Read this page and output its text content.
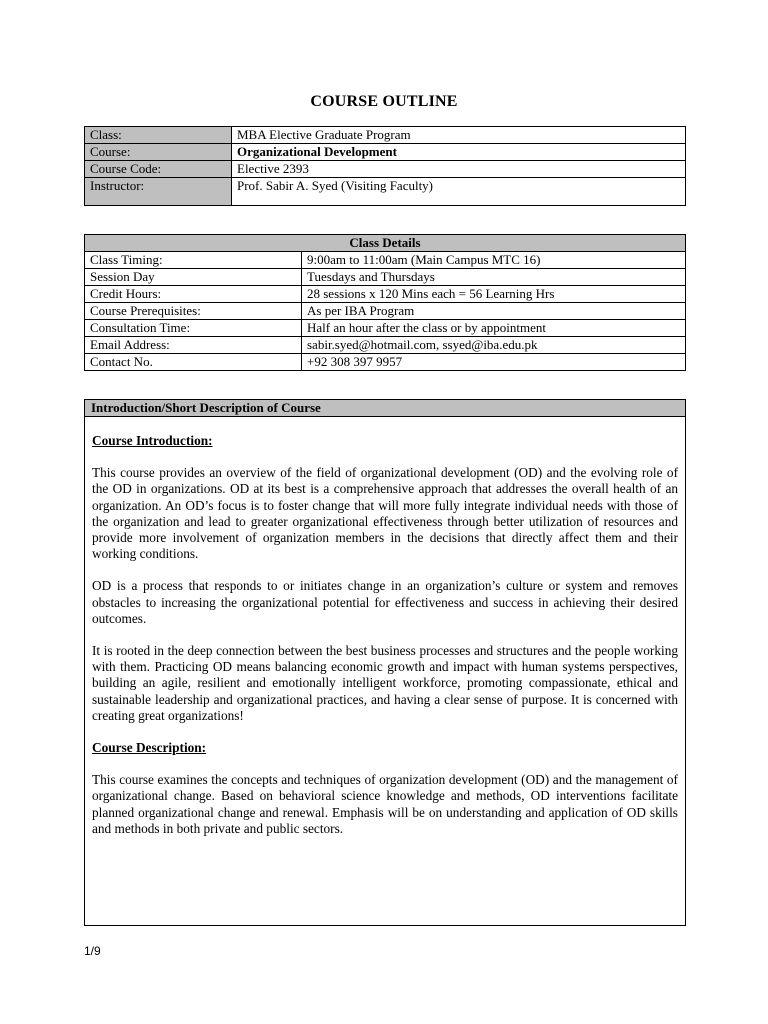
COURSE OUTLINE
Class:	MBA Elective Graduate Program
Course:	Organizational Development
Course Code:	Elective 2393
Instructor:	Prof. Sabir A. Syed (Visiting Faculty)
Class Details	
Class Timing:	9:00am to 11:00am (Main Campus MTC 16)
Session Day	Tuesdays and Thursdays
Credit Hours:	28 sessions x 120 Mins each = 56 Learning Hrs
Course Prerequisites:	As per IBA Program
Consultation Time:	Half an hour after the class or by appointment
Email Address:	sabir.syed@hotmail.com, ssyed@iba.edu.pk
Contact No.	+92 308 397 9957
Introduction/Short Description of Course
Course Introduction:

This course provides an overview of the field of organizational development (OD) and the evolving role of the OD in organizations. OD at its best is a comprehensive approach that addresses the overall health of an organization. An OD’s focus is to foster change that will more fully integrate individual needs with those of the organization and lead to greater organizational effectiveness through better utilization of resources and provide more involvement of organization members in the decisions that directly affect them and their working conditions.

OD is a process that responds to or initiates change in an organization’s culture or system and removes obstacles to increasing the organizational potential for effectiveness and success in achieving their desired outcomes.

It is rooted in the deep connection between the best business processes and structures and the people working with them. Practicing OD means balancing economic growth and impact with human systems perspectives, building an agile, resilient and emotionally intelligent workforce, promoting compassionate, ethical and sustainable leadership and organizational practices, and having a clear sense of purpose. It is concerned with creating great organizations!

Course Description:

This course examines the concepts and techniques of organization development (OD) and the management of organizational change. Based on behavioral science knowledge and methods, OD interventions facilitate planned organizational change and renewal. Emphasis will be on understanding and application of OD skills and methods in both private and public sectors.

1/9
